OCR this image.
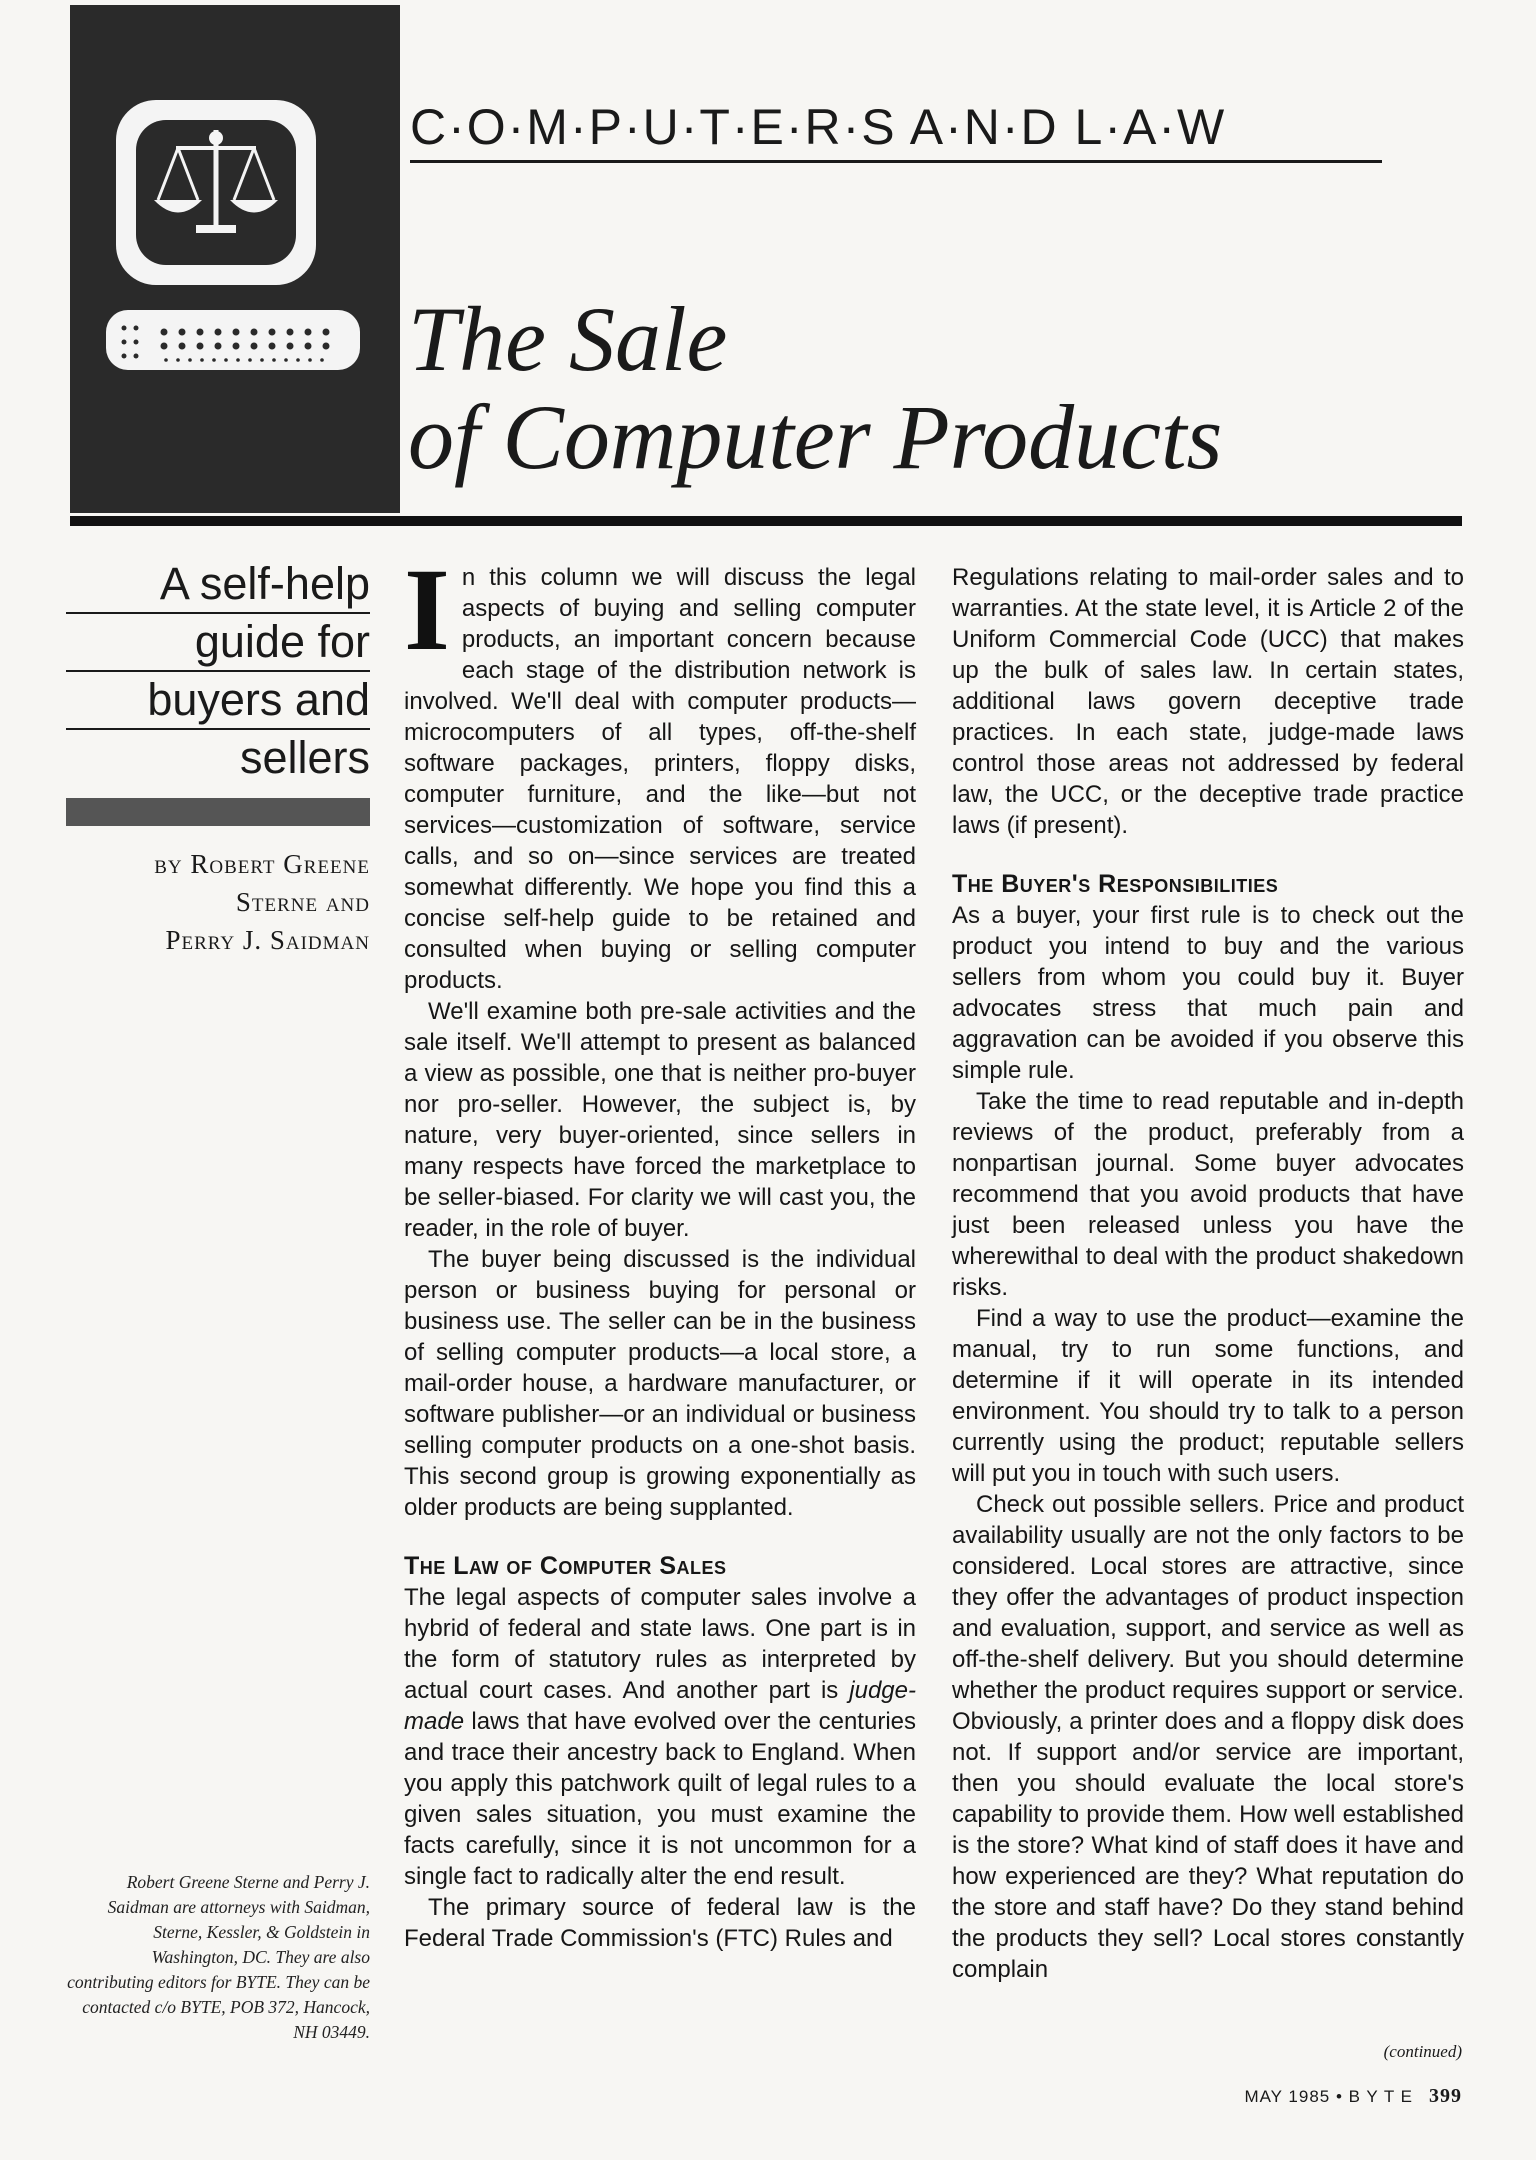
C·O·M·P·U·T·E·R·S A·N·D L·A·W
The Sale
of Computer Products
A self-help
guide for
buyers and
sellers
by Robert Greene
Sterne and
Perry J. Saidman
Robert Greene Sterne and Perry J. Saidman are attorneys with Saidman, Sterne, Kessler, & Goldstein in Washington, DC. They are also contributing editors for BYTE. They can be contacted c/o BYTE, POB 372, Hancock, NH 03449.

In this column we will discuss the legal aspects of buying and selling computer products, an important concern because each stage of the distribution network is involved. We'll deal with computer products—microcomputers of all types, off-the-shelf software packages, printers, floppy disks, computer furniture, and the like—but not services—customization of software, service calls, and so on—since services are treated somewhat differently. We hope you find this a concise self-help guide to be retained and consulted when buying or selling computer products.

We'll examine both pre-sale activities and the sale itself. We'll attempt to present as balanced a view as possible, one that is neither pro-buyer nor pro-seller. However, the subject is, by nature, very buyer-oriented, since sellers in many respects have forced the marketplace to be seller-biased. For clarity we will cast you, the reader, in the role of buyer.

The buyer being discussed is the individual person or business buying for personal or business use. The seller can be in the business of selling computer products—a local store, a mail-order house, a hardware manufacturer, or software publisher—or an individual or business selling computer products on a one-shot basis. This second group is growing exponentially as older products are being supplanted.

The Law of Computer Sales

The legal aspects of computer sales involve a hybrid of federal and state laws. One part is in the form of statutory rules as interpreted by actual court cases. And another part is judge-made laws that have evolved over the centuries and trace their ancestry back to England. When you apply this patchwork quilt of legal rules to a given sales situation, you must examine the facts carefully, since it is not uncommon for a single fact to radically alter the end result.

The primary source of federal law is the Federal Trade Commission's (FTC) Rules and

Regulations relating to mail-order sales and to warranties. At the state level, it is Article 2 of the Uniform Commercial Code (UCC) that makes up the bulk of sales law. In certain states, additional laws govern deceptive trade practices. In each state, judge-made laws control those areas not addressed by federal law, the UCC, or the deceptive trade practice laws (if present).

The Buyer's Responsibilities

As a buyer, your first rule is to check out the product you intend to buy and the various sellers from whom you could buy it. Buyer advocates stress that much pain and aggravation can be avoided if you observe this simple rule.

Take the time to read reputable and in-depth reviews of the product, preferably from a nonpartisan journal. Some buyer advocates recommend that you avoid products that have just been released unless you have the wherewithal to deal with the product shakedown risks.

Find a way to use the product—examine the manual, try to run some functions, and determine if it will operate in its intended environment. You should try to talk to a person currently using the product; reputable sellers will put you in touch with such users.

Check out possible sellers. Price and product availability usually are not the only factors to be considered. Local stores are attractive, since they offer the advantages of product inspection and evaluation, support, and service as well as off-the-shelf delivery. But you should determine whether the product requires support or service. Obviously, a printer does and a floppy disk does not. If support and/or service are important, then you should evaluate the local store's capability to provide them. How well established is the store? What kind of staff does it have and how experienced are they? What reputation do the store and staff have? Do they stand behind the products they sell? Local stores constantly complain

(continued)
MAY 1985 • B Y T E 399
